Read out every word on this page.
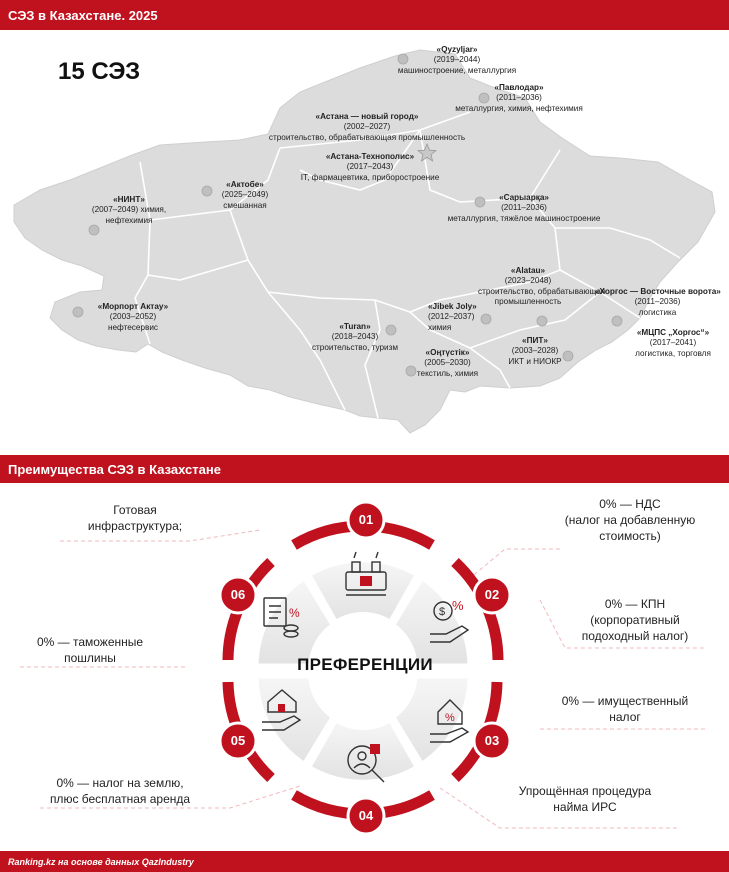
СЭЗ в Казахстане. 2025
15 СЭЗ
«Qyzyljar»
(2019–2044)
машиностроение, металлургия
«Павлодар»
(2011–2036)
металлургия, химия, нефтехимия
«Астана — новый город»
(2002–2027)
строительство, обрабатывающая промышленность
«Астана-Технополис»
(2017–2043)
IT, фармацевтика, приборостроение
«Актобе»
(2025–2049)
смешанная
«НИНТ»
(2007–2049) химия,
нефтехимия
«Сарыарқа»
(2011–2036)
металлургия, тяжёлое машиностроение
«Alatau»
(2023–2048)
строительство, обрабатывающая
промышленность
«Хоргос — Восточные ворота»
(2011–2036)
логистика
«Морпорт Актау»
(2003–2052)
нефтесервис
«Jibek Joly»
(2012–2037)
химия
«Turan»
(2018–2043)
строительство, туризм
«ПИТ»
(2003–2028)
ИКТ и НИОКР
«МЦПС „Хоргос“»
(2017–2041)
логистика, торговля
«Оңтүстік»
(2005–2030)
текстиль, химия
Преимущества СЭЗ в Казахстане
$ %
%
%
ПРЕФЕРЕНЦИИ
01
02
03
04
05
06
Готовая
инфраструктура;
0% — НДС
(налог на добавленную
стоимость)
0% — КПН
(корпоративный
подоходный налог)
0% — имущественный
налог
Упрощённая процедура
найма ИРС
0% — налог на землю,
плюс бесплатная аренда
0% — таможенные
пошлины
Ranking.kz на основе данных QazIndustry
